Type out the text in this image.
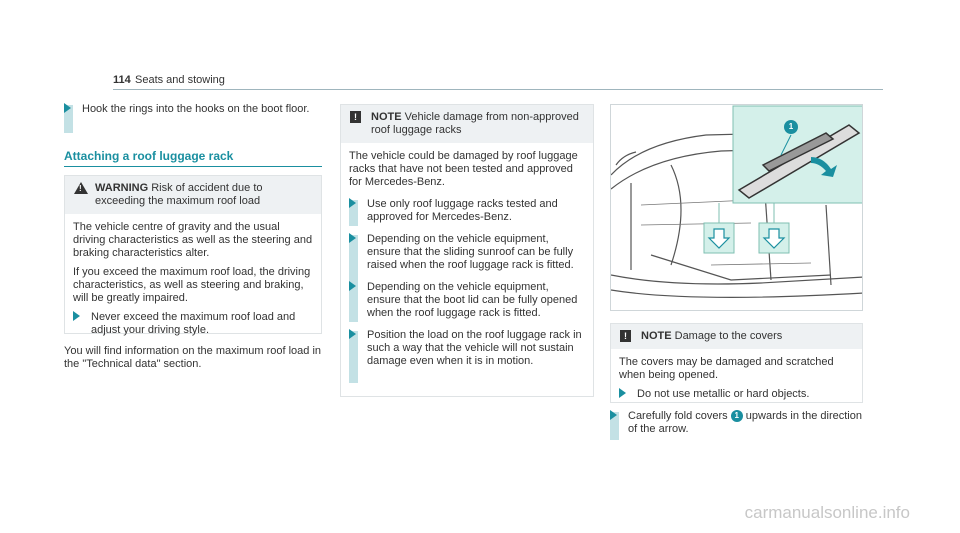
114 Seats and stowing
Hook the rings into the hooks on the boot floor.
Attaching a roof luggage rack
! WARNING Risk of accident due to exceeding the maximum roof load

The vehicle centre of gravity and the usual driving characteristics as well as the steering and braking characteristics alter.

If you exceed the maximum roof load, the driving characteristics, as well as steering and braking, will be greatly impaired.

Never exceed the maximum roof load and adjust your driving style.
You will find information on the maximum roof load in the "Technical data" section.
!	NOTE Vehicle damage from non-approved roof luggage racks

The vehicle could be damaged by roof luggage racks that have not been tested and approved for Mercedes-Benz.

Use only roof luggage racks tested and approved for Mercedes-Benz.
Depending on the vehicle equipment, ensure that the sliding sunroof can be fully raised when the roof luggage rack is fitted.
Depending on the vehicle equipment, ensure that the boot lid can be fully opened when the roof luggage rack is fitted.
Position the load on the roof luggage rack in such a way that the vehicle will not sustain damage even when it is in motion.
1
!	NOTE Damage to the covers

The covers may be damaged and scratched when being opened.

Do not use metallic or hard objects.
Carefully fold covers 1 upwards in the direction of the arrow.
carmanualsonline.info
